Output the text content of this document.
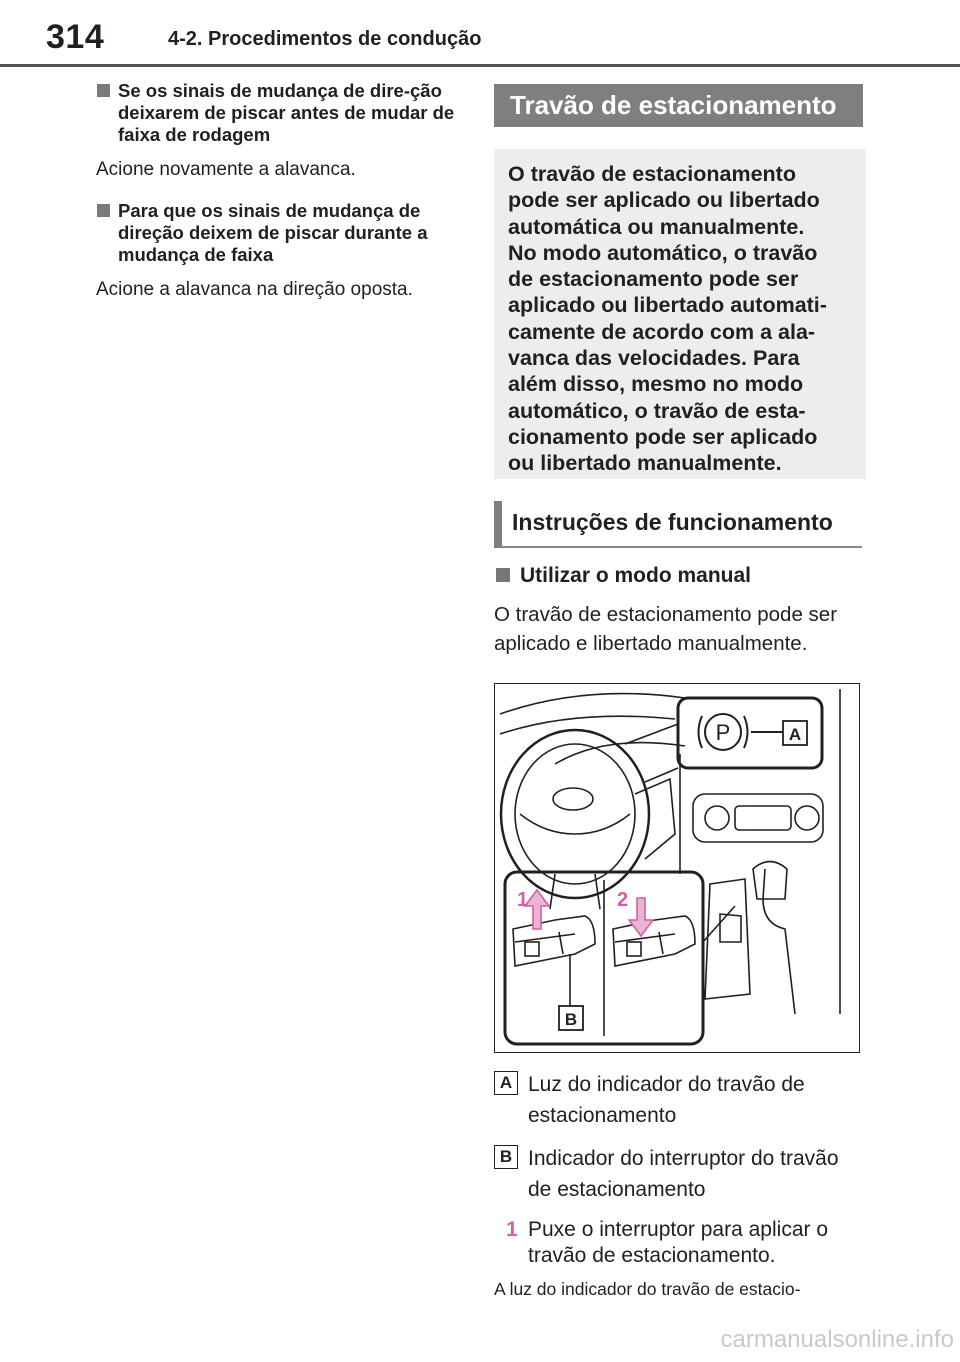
314	4-2. Procedimentos de condução
Se os sinais de mudança de dire-ção deixarem de piscar antes de mudar de faixa de rodagem
Acione novamente a alavanca.
Para que os sinais de mudança de direção deixem de piscar durante a mudança de faixa
Acione a alavanca na direção oposta.
Travão de estacionamento
O travão de estacionamento
pode ser aplicado ou libertado
automática ou manualmente.
No modo automático, o travão
de estacionamento pode ser
aplicado ou libertado automati-
camente de acordo com a ala-
vanca das velocidades. Para
além disso, mesmo no modo
automático, o travão de esta-
cionamento pode ser aplicado
ou libertado manualmente.
Instruções de funcionamento
Utilizar o modo manual
O travão de estacionamento pode ser aplicado e libertado manualmente.
A
B
1	2
P
A Luz do indicador do travão de estacionamento
B Indicador do interruptor do travão de estacionamento
1 Puxe o interruptor para aplicar o travão de estacionamento.
A luz do indicador do travão de estacio-
carmanualsonline.info
